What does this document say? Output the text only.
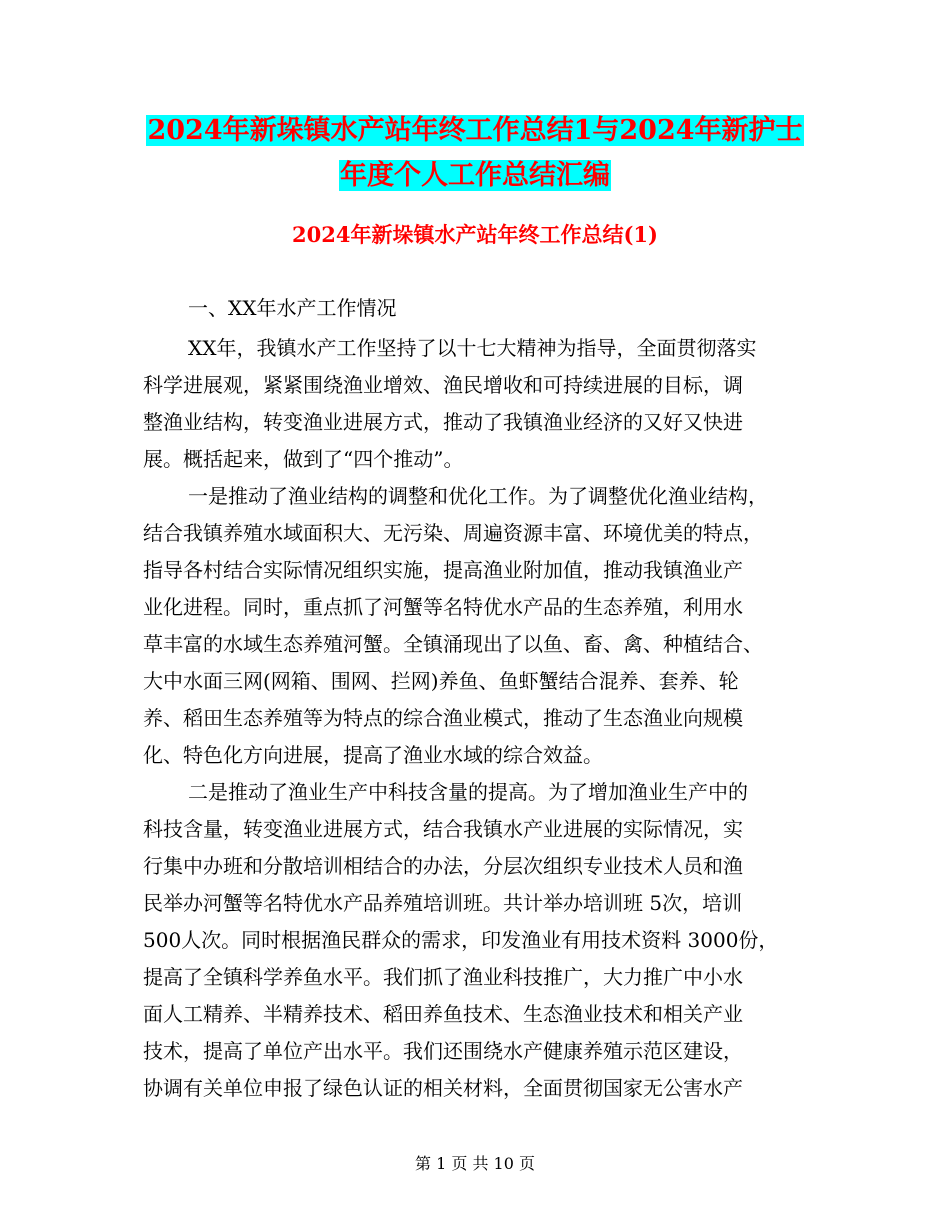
2024年新垛镇水产站年终工作总结1与2024年新护士
年度个人工作总结汇编
2024年新垛镇水产站年终工作总结(1)
一、XX年水产工作情况
XX年，我镇水产工作坚持了以十七大精神为指导，全面贯彻落实
科学进展观，紧紧围绕渔业增效、渔民增收和可持续进展的目标，调
整渔业结构，转变渔业进展方式，推动了我镇渔业经济的又好又快进
展。概括起来，做到了“四个推动”。
一是推动了渔业结构的调整和优化工作。为了调整优化渔业结构，
结合我镇养殖水域面积大、无污染、周遍资源丰富、环境优美的特点，
指导各村结合实际情况组织实施，提高渔业附加值，推动我镇渔业产
业化进程。同时，重点抓了河蟹等名特优水产品的生态养殖，利用水
草丰富的水域生态养殖河蟹。全镇涌现出了以鱼、畜、禽、种植结合、
大中水面三网(网箱、围网、拦网)养鱼、鱼虾蟹结合混养、套养、轮
养、稻田生态养殖等为特点的综合渔业模式，推动了生态渔业向规模
化、特色化方向进展，提高了渔业水域的综合效益。
二是推动了渔业生产中科技含量的提高。为了增加渔业生产中的
科技含量，转变渔业进展方式，结合我镇水产业进展的实际情况，实
行集中办班和分散培训相结合的办法，分层次组织专业技术人员和渔
民举办河蟹等名特优水产品养殖培训班。共计举办培训班 5次，培训
500人次。同时根据渔民群众的需求，印发渔业有用技术资料 3000份，
提高了全镇科学养鱼水平。我们抓了渔业科技推广，大力推广中小水
面人工精养、半精养技术、稻田养鱼技术、生态渔业技术和相关产业
技术，提高了单位产出水平。我们还围绕水产健康养殖示范区建设，
协调有关单位申报了绿色认证的相关材料，全面贯彻国家无公害水产
第 1 页 共 10 页
